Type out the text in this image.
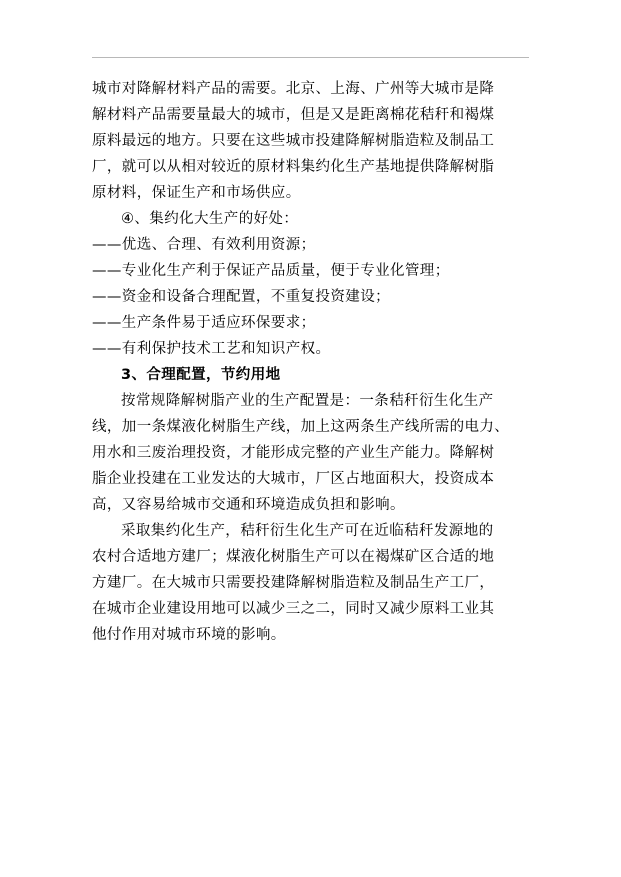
城市对降解材料产品的需要。北京、上海、广州等大城市是降
解材料产品需要量最大的城市，但是又是距离棉花秸秆和褐煤
原料最远的地方。只要在这些城市投建降解树脂造粒及制品工
厂，就可以从相对较近的原材料集约化生产基地提供降解树脂
原材料，保证生产和市场供应。
④、集约化大生产的好处：
——优选、合理、有效利用资源；
——专业化生产利于保证产品质量，便于专业化管理；
——资金和设备合理配置，不重复投资建设；
——生产条件易于适应环保要求；
——有利保护技术工艺和知识产权。
3、合理配置，节约用地
按常规降解树脂产业的生产配置是：一条秸秆衍生化生产
线，加一条煤液化树脂生产线，加上这两条生产线所需的电力、
用水和三废治理投资，才能形成完整的产业生产能力。降解树
脂企业投建在工业发达的大城市，厂区占地面积大，投资成本
高，又容易给城市交通和环境造成负担和影响。
采取集约化生产，秸秆衍生化生产可在近临秸秆发源地的
农村合适地方建厂；煤液化树脂生产可以在褐煤矿区合适的地
方建厂。在大城市只需要投建降解树脂造粒及制品生产工厂，
在城市企业建设用地可以减少三之二，同时又减少原料工业其
他付作用对城市环境的影响。
